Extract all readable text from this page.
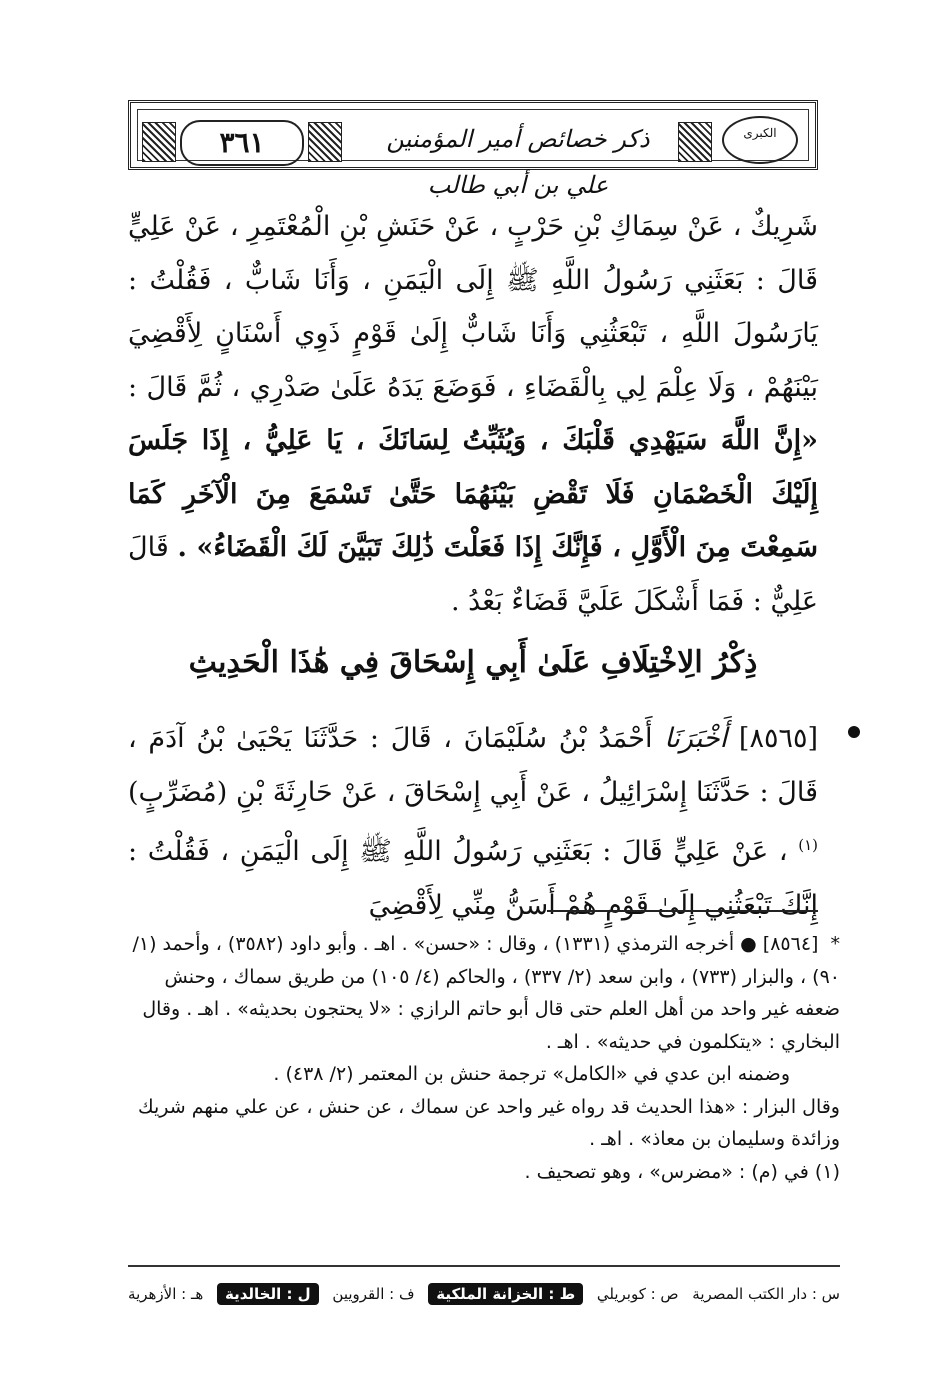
٣٦١	ذكر خصائص أمير المؤمنين علي بن أبي طالب
الكبرى

شَرِيكٌ ، عَنْ سِمَاكِ بْنِ حَرْبٍ ، عَنْ حَنَشِ بْنِ الْمُعْتَمِرِ ، عَنْ عَلِيٍّ قَالَ : بَعَثَنِي رَسُولُ اللَّهِ ﷺ إِلَى الْيَمَنِ ، وَأَنَا شَابٌّ ، فَقُلْتُ : يَارَسُولَ اللَّهِ ، تَبْعَثُنِي وَأَنَا شَابٌّ إِلَىٰ قَوْمٍ ذَوِي أَسْنَانٍ لِأَقْضِيَ بَيْنَهُمْ ، وَلَا عِلْمَ لِي بِالْقَضَاءِ ، فَوَضَعَ يَدَهُ عَلَىٰ صَدْرِي ، ثُمَّ قَالَ : «إِنَّ اللَّهَ سَيَهْدِي قَلْبَكَ ، وَيُثَبِّتُ لِسَانَكَ ، يَا عَلِيُّ ، إِذَا جَلَسَ إِلَيْكَ الْخَصْمَانِ فَلَا تَقْضِ بَيْنَهُمَا حَتَّىٰ تَسْمَعَ مِنَ الْآخَرِ كَمَا سَمِعْتَ مِنَ الْأَوَّلِ ، فَإِنَّكَ إِذَا فَعَلْتَ ذَٰلِكَ تَبَيَّنَ لَكَ الْقَضَاءُ» . قَالَ عَلِيٌّ : فَمَا أَشْكَلَ عَلَيَّ قَضَاءٌ بَعْدُ .

ذِكْرُ الِاخْتِلَافِ عَلَىٰ أَبِي إِسْحَاقَ فِي هَٰذَا الْحَدِيثِ
[٨٥٦٥] أَخْبَرَنَا أَحْمَدُ بْنُ سُلَيْمَانَ ، قَالَ : حَدَّثَنَا يَحْيَىٰ بْنُ آدَمَ ، قَالَ : حَدَّثَنَا إِسْرَائِيلُ ، عَنْ أَبِي إِسْحَاقَ ، عَنْ حَارِثَةَ بْنِ (مُضَرِّبٍ)$^{(١)}$ ، عَنْ عَلِيٍّ قَالَ : بَعَثَنِي رَسُولُ اللَّهِ ﷺ إِلَى الْيَمَنِ ، فَقُلْتُ : إِنَّكَ تَبْعَثُنِي إِلَىٰ قَوْمٍ هُمْ أَسَنُّ مِنِّي لِأَقْضِيَ

* [٨٥٦٤] ● أخرجه الترمذي (١٣٣١) ، وقال : «حسن» . اهـ . وأبو داود (٣٥٨٢) ، وأحمد (١/ ٩٠) ، والبزار (٧٣٣) ، وابن سعد (٢/ ٣٣٧) ، والحاكم (٤/ ١٠٥) من طريق سماك ، وحنش ضعفه غير واحد من أهل العلم حتى قال أبو حاتم الرازي : «لا يحتجون بحديثه» . اهـ . وقال البخاري : «يتكلمون في حديثه» . اهـ .

وضمنه ابن عدي في «الكامل» ترجمة حنش بن المعتمر (٢/ ٤٣٨) .

وقال البزار : «هذا الحديث قد رواه غير واحد عن سماك ، عن حنش ، عن علي منهم شريك وزائدة وسليمان بن معاذ» . اهـ .

(١) في (م) : «مضرس» ، وهو تصحيف .

س : دار الكتب المصرية
ص : كوبريلي
ط : الخزانة الملكية
ف : القرويين
ل : الخالدية
هـ : الأزهرية
